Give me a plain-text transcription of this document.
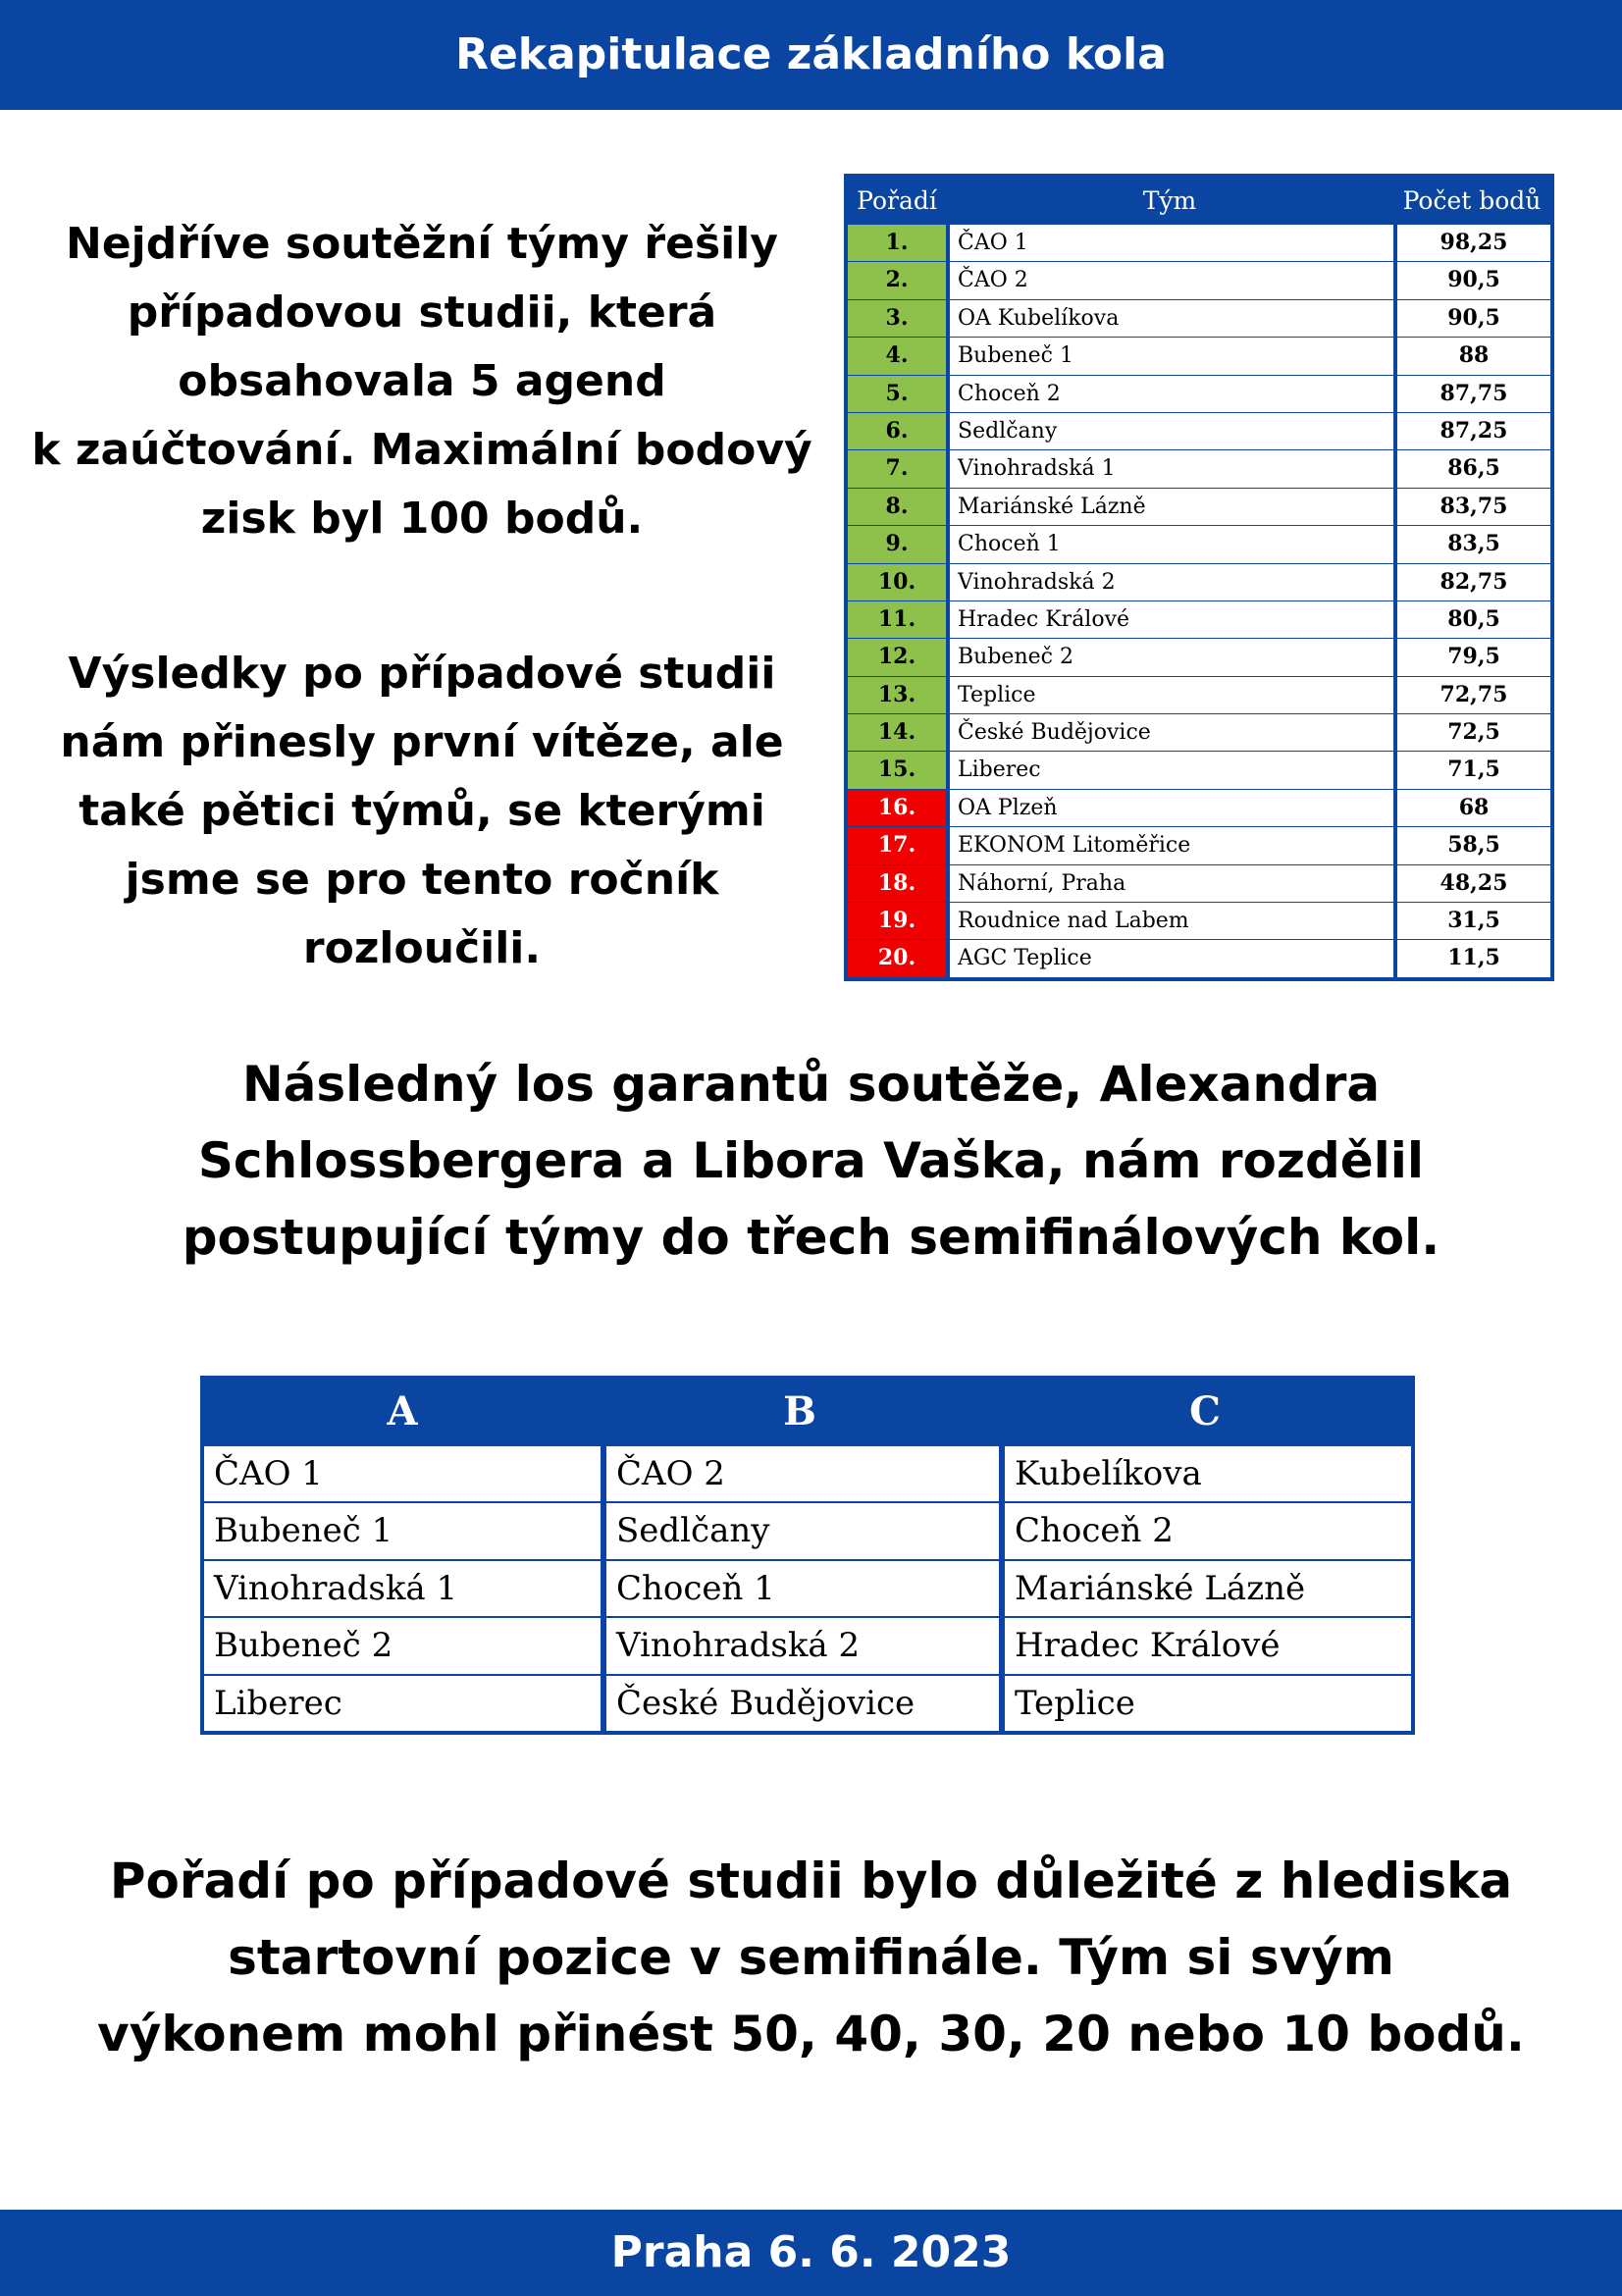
Rekapitulace základního kola
Nejdříve soutěžní týmy řešily
případovou studii, která
obsahovala 5 agend
k zaúčtování. Maximální bodový
zisk byl 100 bodů.
Výsledky po případové studii
nám přinesly první vítěze, ale
také pětici týmů, se kterými
jsme se pro tento ročník
rozloučili.
Pořadí	Tým	Počet bodů
1.	ČAO 1	98,25
2.	ČAO 2	90,5
3.	OA Kubelíkova	90,5
4.	Bubeneč 1	88
5.	Choceň 2	87,75
6.	Sedlčany	87,25
7.	Vinohradská 1	86,5
8.	Mariánské Lázně	83,75
9.	Choceň 1	83,5
10.	Vinohradská 2	82,75
11.	Hradec Králové	80,5
12.	Bubeneč 2	79,5
13.	Teplice	72,75
14.	České Budějovice	72,5
15.	Liberec	71,5
16.	OA Plzeň	68
17.	EKONOM Litoměřice	58,5
18.	Náhorní, Praha	48,25
19.	Roudnice nad Labem	31,5
20.	AGC Teplice	11,5
Následný los garantů soutěže, Alexandra
Schlossbergera a Libora Vaška, nám rozdělil
postupující týmy do třech semifinálových kol.
A	B	C
ČAO 1	ČAO 2	Kubelíkova
Bubeneč 1	Sedlčany	Choceň 2
Vinohradská 1	Choceň 1	Mariánské Lázně
Bubeneč 2	Vinohradská 2	Hradec Králové
Liberec	České Budějovice	Teplice
Pořadí po případové studii bylo důležité z hlediska
startovní pozice v semifinále. Tým si svým
výkonem mohl přinést 50, 40, 30, 20 nebo 10 bodů.
Praha 6. 6. 2023
